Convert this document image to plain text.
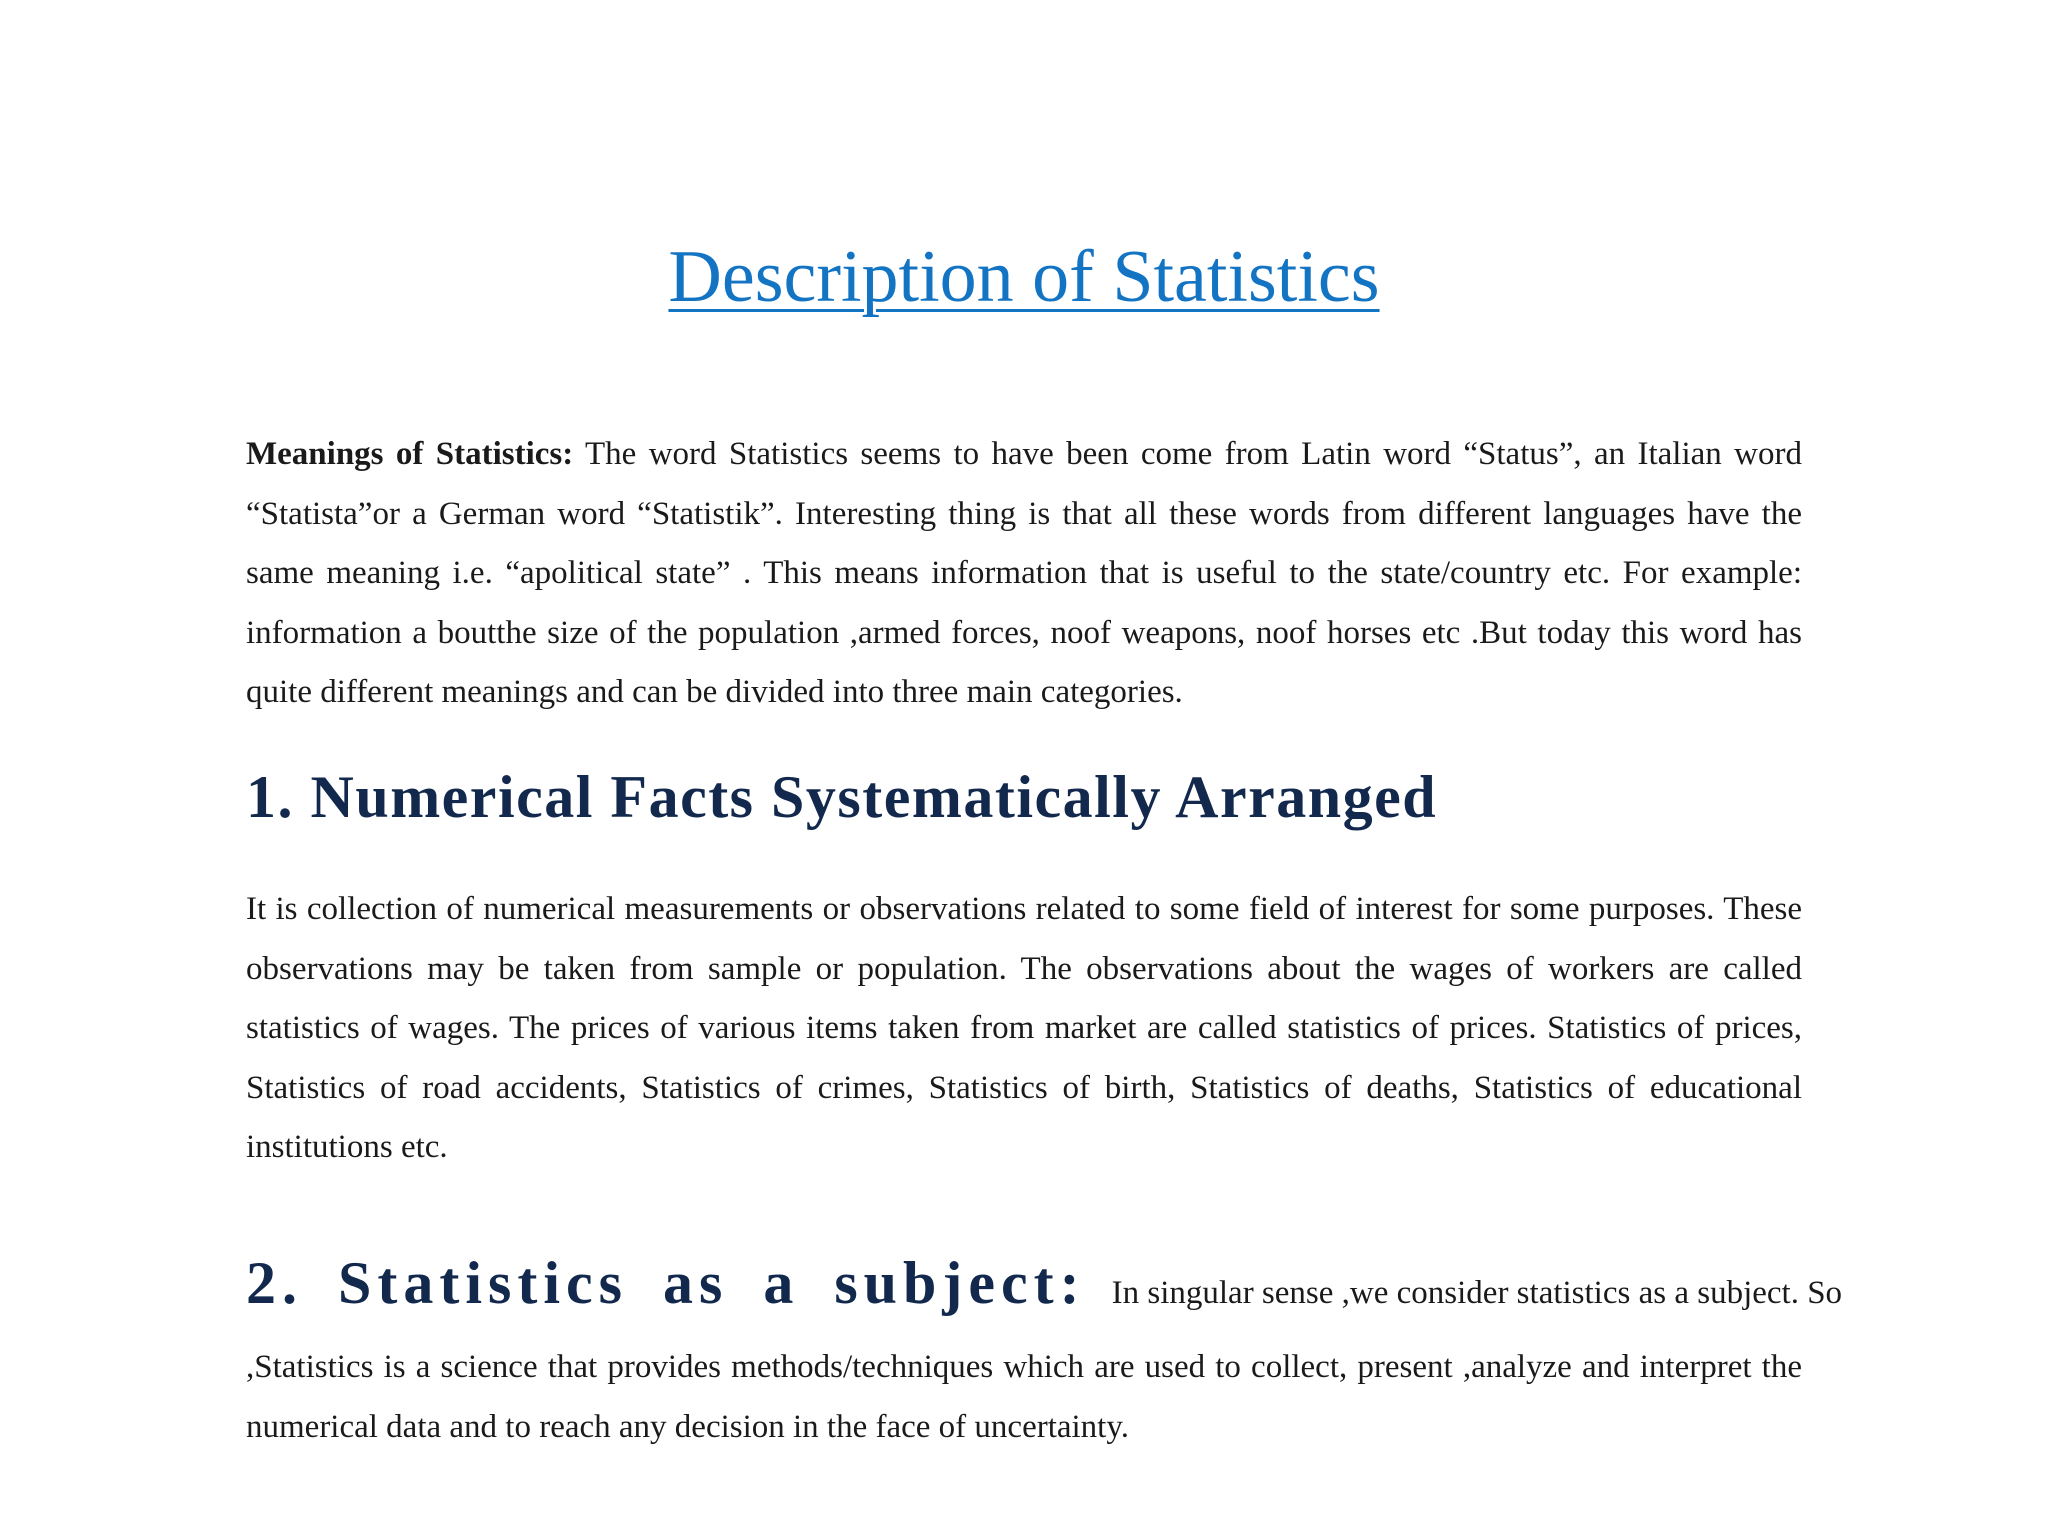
Description of Statistics

Meanings of Statistics: The word Statistics seems to have been come from Latin word “Status”, an Italian word “Statista”or a German word “Statistik”. Interesting thing is that all these words from different languages have the same meaning i.e. “apolitical state” . This means information that is useful to the state/country etc. For example: information a boutthe size of the population ,armed forces, noof weapons, noof horses etc .But today this word has quite different meanings and can be divided into three main categories.

1. Numerical Facts Systematically Arranged

It is collection of numerical measurements or observations related to some field of interest for some purposes. These observations may be taken from sample or population. The observations about the wages of workers are called statistics of wages. The prices of various items taken from market are called statistics of prices. Statistics of prices, Statistics of road accidents, Statistics of crimes, Statistics of birth, Statistics of deaths, Statistics of educational institutions etc.

2. Statistics as a subject: In singular sense ,we consider statistics as a subject. So

,Statistics is a science that provides methods/techniques which are used to collect, present ,analyze and interpret the numerical data and to reach any decision in the face of uncertainty.
